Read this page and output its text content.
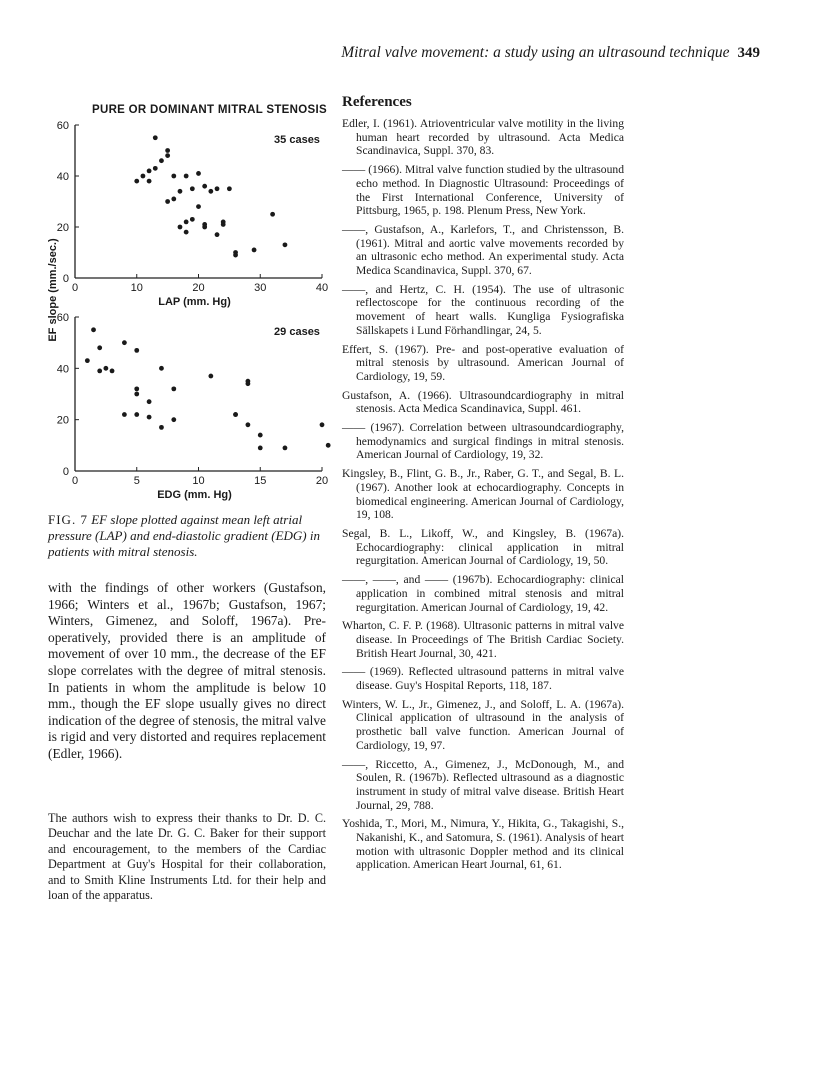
Mitral valve movement: a study using an ultrasound technique 349
PURE OR DOMINANT MITRAL STENOSIS
EF slope (mm./sec.) 0	10	20	30	40
0
20
40
60
LAP (mm. Hg)
35 cases
0	5	10	15	20
0
20
40
60
EDG (mm. Hg)
29 cases
FIG. 7 EF slope plotted against mean left atrial pressure (LAP) and end-diastolic gradient (EDG) in patients with mitral stenosis.

with the findings of other workers (Gustafson, 1966; Winters et al., 1967b; Gustafson, 1967; Winters, Gimenez, and Soloff, 1967a). Pre-operatively, provided there is an amplitude of movement of over 10 mm., the decrease of the EF slope correlates with the degree of mitral stenosis. In patients in whom the amplitude is below 10 mm., though the EF slope usually gives no direct indication of the degree of stenosis, the mitral valve is rigid and very distorted and requires replacement (Edler, 1966).

The authors wish to express their thanks to Dr. D. C. Deuchar and the late Dr. G. C. Baker for their support and encouragement, to the members of the Cardiac Department at Guy's Hospital for their collaboration, and to Smith Kline Instruments Ltd. for their help and loan of the apparatus.

References
Edler, I. (1961). Atrioventricular valve motility in the living human heart recorded by ultrasound. Acta Medica Scandinavica, Suppl. 370, 83.
—— (1966). Mitral valve function studied by the ultrasound echo method. In Diagnostic Ultrasound: Proceedings of the First International Conference, University of Pittsburg, 1965, p. 198. Plenum Press, New York.
——, Gustafson, A., Karlefors, T., and Christensson, B. (1961). Mitral and aortic valve movements recorded by an ultrasonic echo method. An experimental study. Acta Medica Scandinavica, Suppl. 370, 67.
——, and Hertz, C. H. (1954). The use of ultrasonic reflectoscope for the continuous recording of the movement of heart walls. Kungliga Fysiografiska Sällskapets i Lund Förhandlingar, 24, 5.
Effert, S. (1967). Pre- and post-operative evaluation of mitral stenosis by ultrasound. American Journal of Cardiology, 19, 59.
Gustafson, A. (1966). Ultrasoundcardiography in mitral stenosis. Acta Medica Scandinavica, Suppl. 461.
—— (1967). Correlation between ultrasoundcardiography, hemodynamics and surgical findings in mitral stenosis. American Journal of Cardiology, 19, 32.
Kingsley, B., Flint, G. B., Jr., Raber, G. T., and Segal, B. L. (1967). Another look at echocardiography. Concepts in biomedical engineering. American Journal of Cardiology, 19, 108.
Segal, B. L., Likoff, W., and Kingsley, B. (1967a). Echocardiography: clinical application in mitral regurgitation. American Journal of Cardiology, 19, 50.
——, ——, and —— (1967b). Echocardiography: clinical application in combined mitral stenosis and mitral regurgitation. American Journal of Cardiology, 19, 42.
Wharton, C. F. P. (1968). Ultrasonic patterns in mitral valve disease. In Proceedings of The British Cardiac Society. British Heart Journal, 30, 421.
—— (1969). Reflected ultrasound patterns in mitral valve disease. Guy's Hospital Reports, 118, 187.
Winters, W. L., Jr., Gimenez, J., and Soloff, L. A. (1967a). Clinical application of ultrasound in the analysis of prosthetic ball valve function. American Journal of Cardiology, 19, 97.
——, Riccetto, A., Gimenez, J., McDonough, M., and Soulen, R. (1967b). Reflected ultrasound as a diagnostic instrument in study of mitral valve disease. British Heart Journal, 29, 788.
Yoshida, T., Mori, M., Nimura, Y., Hikita, G., Takagishi, S., Nakanishi, K., and Satomura, S. (1961). Analysis of heart motion with ultrasonic Doppler method and its clinical application. American Heart Journal, 61, 61.
